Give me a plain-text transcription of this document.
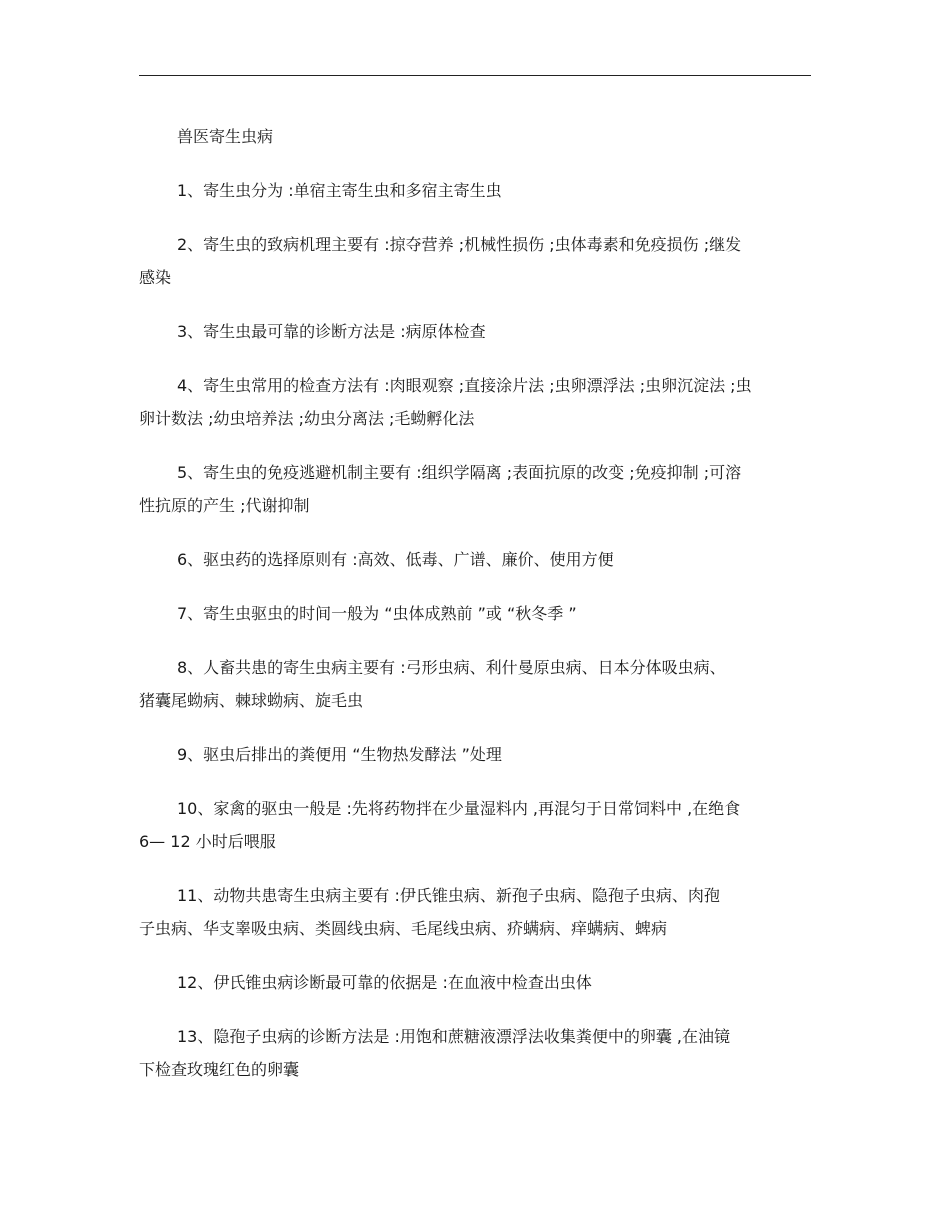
兽医寄生虫病
1、寄生虫分为 :单宿主寄生虫和多宿主寄生虫
2、寄生虫的致病机理主要有 :掠夺营养 ;机械性损伤 ;虫体毒素和免疫损伤 ;继发
感染
3、寄生虫最可靠的诊断方法是 :病原体检查
4、寄生虫常用的检查方法有 :肉眼观察 ;直接涂片法 ;虫卵漂浮法 ;虫卵沉淀法 ;虫
卵计数法 ;幼虫培养法 ;幼虫分离法 ;毛蚴孵化法
5、寄生虫的免疫逃避机制主要有 :组织学隔离 ;表面抗原的改变 ;免疫抑制 ;可溶
性抗原的产生 ;代谢抑制
6、驱虫药的选择原则有 :高效、低毒、广谱、廉价、使用方便
7、寄生虫驱虫的时间一般为 “虫体成熟前 ”或 “秋冬季 ”
8、人畜共患的寄生虫病主要有 :弓形虫病、利什曼原虫病、日本分体吸虫病、
猪囊尾蚴病、棘球蚴病、旋毛虫
9、驱虫后排出的粪便用 “生物热发酵法 ”处理
10、家禽的驱虫一般是 :先将药物拌在少量湿料内 ,再混匀于日常饲料中 ,在绝食
6— 12 小时后喂服
11、动物共患寄生虫病主要有 :伊氏锥虫病、新孢子虫病、隐孢子虫病、肉孢
子虫病、华支睾吸虫病、类圆线虫病、毛尾线虫病、疥螨病、痒螨病、蜱病
12、伊氏锥虫病诊断最可靠的依据是 :在血液中检查出虫体
13、隐孢子虫病的诊断方法是 :用饱和蔗糖液漂浮法收集粪便中的卵囊 ,在油镜
下检查玫瑰红色的卵囊
